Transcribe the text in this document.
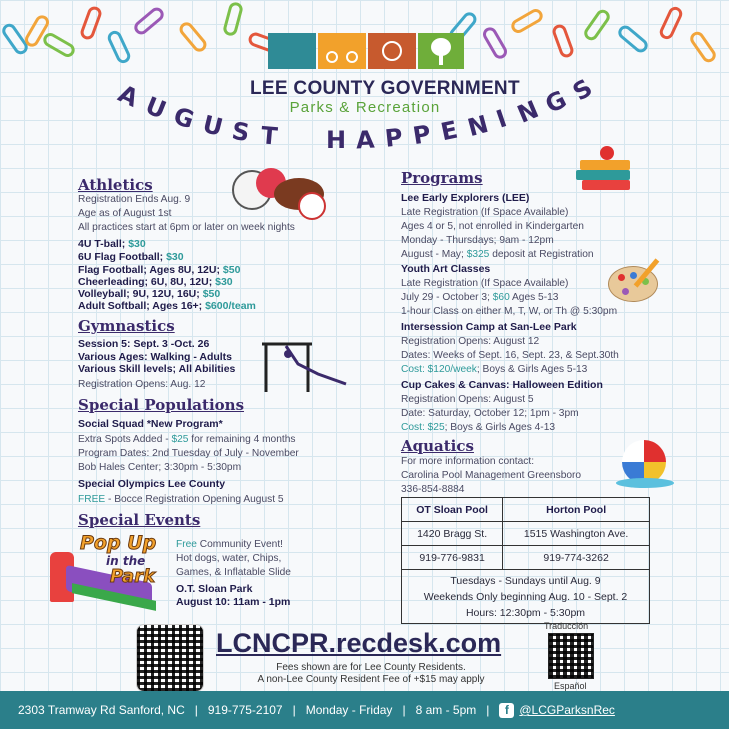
LEE COUNTY GOVERNMENT
Parks & Recreation
A
U G U S T H A P P E N I N
G
S
Athletics
Registration Ends Aug. 9
Age as of August 1st
All practices start at 6pm or later on week nights
4U T-ball; $30
6U Flag Football; $30
Flag Football; Ages 8U, 12U; $50
Cheerleading; 6U, 8U, 12U; $30
Volleyball; 9U, 12U, 16U; $50
Adult Softball; Ages 16+; $600/team
Gymnastics
Session 5: Sept. 3 -Oct. 26
Various Ages: Walking - Adults
Various Skill levels; All Abilities
Registration Opens: Aug. 12
Special Populations
Social Squad *New Program*
Extra Spots Added - $25 for remaining 4 months
Program Dates: 2nd Tuesday of July - November
Bob Hales Center; 3:30pm - 5:30pm
Special Olympics Lee County
FREE - Bocce Registration Opening August 5
Special Events
Pop Up
in the
Park
Free Community Event!
Hot dogs, water, Chips,
Games, & Inflatable Slide
O.T. Sloan Park
August 10: 11am - 1pm
Programs
Lee Early Explorers (LEE)
Late Registration (If Space Available)
Ages 4 or 5, not enrolled in Kindergarten
Monday - Thursdays; 9am - 12pm
August - May; $325 deposit at Registration
Youth Art Classes
Late Registration (If Space Available)
July 29 - October 3; $60 Ages 5-13
1-hour Class on either M, T, W, or Th @ 5:30pm
Intersession Camp at San-Lee Park
Registration Opens: August 12
Dates: Weeks of Sept. 16, Sept. 23, & Sept.30th
Cost: $120/week; Boys & Girls Ages 5-13
Cup Cakes & Canvas: Halloween Edition
Registration Opens: August 5
Date: Saturday, October 12; 1pm - 3pm
Cost: $25; Boys & Girls Ages 4-13
Aquatics
For more information contact:
Carolina Pool Management Greensboro
336-854-8884
OT Sloan Pool	Horton Pool
1420 Bragg St.	1515 Washington Ave.
919-776-9831	919-774-3262

Tuesdays - Sundays until Aug. 9
Weekends Only beginning Aug. 10 - Sept. 2
Hours: 12:30pm - 5:30pm	
LCNCPR.recdesk.com
Fees shown are for Lee County Residents.
A non-Lee County Resident Fee of +$15 may apply
Traducción
Español
2303 Tramway Rd Sanford, NC | 919-775-2107 | Monday - Friday | 8 am - 5pm |	f @LCGParksnRec
